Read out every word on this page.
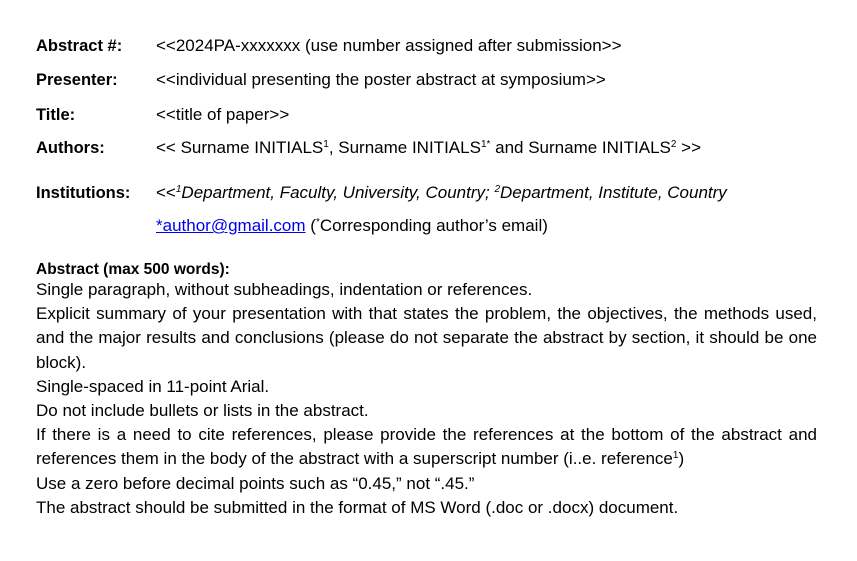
Abstract #:	<<2024PA-xxxxxxx (use number assigned after submission>>
Presenter:	<<individual presenting the poster abstract at symposium>>
Title:	<<title of paper>>
Authors:	<< Surname INITIALS$^1$, Surname $INITIALS^{1*}$ and Surname $INITIALS^2$ >>
Institutions:	<<$^1$Department, Faculty, University, Country; $^2$Department, Institute, Country
*author@gmail.com (*Corresponding author’s email)
Abstract (max 500 words):

Single paragraph, without subheadings, indentation or references.

Explicit summary of your presentation with that states the problem, the objectives, the methods used, and the major results and conclusions (please do not separate the abstract by section, it should be one block).

Single-spaced in 11-point Arial.

Do not include bullets or lists in the abstract.

If there is a need to cite references, please provide the references at the bottom of the abstract and references them in the body of the abstract with a superscript number (i..e. reference$^1$)

Use a zero before decimal points such as “0.45,” not “.45.”

The abstract should be submitted in the format of MS Word (.doc or .docx) document.
